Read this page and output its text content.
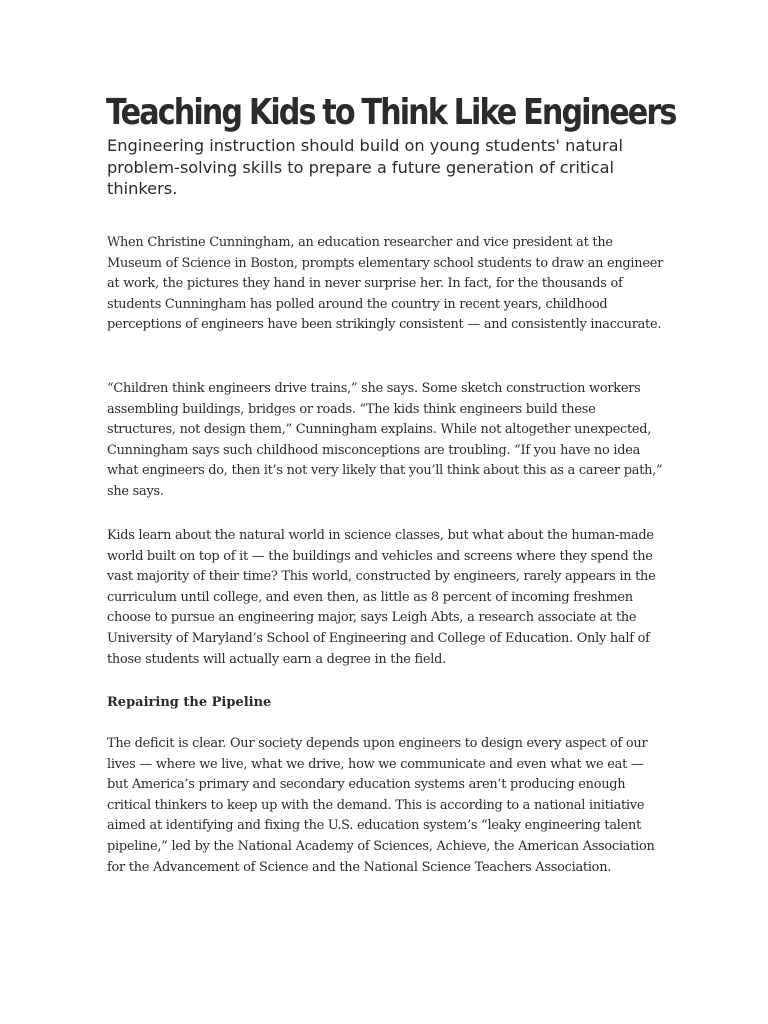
Teaching Kids to Think Like Engineers

Engineering instruction should build on young students' natural problem-solving skills to prepare a future generation of critical thinkers.

When Christine Cunningham, an education researcher and vice president at the Museum of Science in Boston, prompts elementary school students to draw an engineer at work, the pictures they hand in never surprise her. In fact, for the thousands of students Cunningham has polled around the country in recent years, childhood perceptions of engineers have been strikingly consistent — and consistently inaccurate.

“Children think engineers drive trains,” she says. Some sketch construction workers assembling buildings, bridges or roads. “The kids think engineers build these structures, not design them,” Cunningham explains. While not altogether unexpected, Cunningham says such childhood misconceptions are troubling. “If you have no idea what engineers do, then it’s not very likely that you’ll think about this as a career path,” she says.

Kids learn about the natural world in science classes, but what about the human-made world built on top of it — the buildings and vehicles and screens where they spend the vast majority of their time? This world, constructed by engineers, rarely appears in the curriculum until college, and even then, as little as 8 percent of incoming freshmen choose to pursue an engineering major, says Leigh Abts, a research associate at the University of Maryland’s School of Engineering and College of Education. Only half of those students will actually earn a degree in the field.

Repairing the Pipeline

The deficit is clear. Our society depends upon engineers to design every aspect of our lives — where we live, what we drive, how we communicate and even what we eat — but America’s primary and secondary education systems aren’t producing enough critical thinkers to keep up with the demand. This is according to a national initiative aimed at identifying and fixing the U.S. education system’s “leaky engineering talent pipeline,” led by the National Academy of Sciences, Achieve, the American Association for the Advancement of Science and the National Science Teachers Association.
